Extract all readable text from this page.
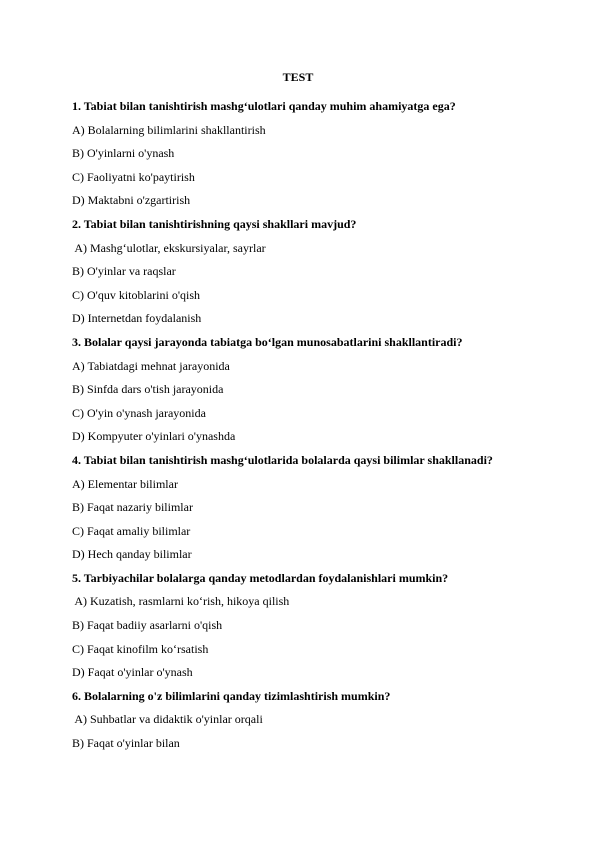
TEST

1. Tabiat bilan tanishtirish mashg‘ulotlari qanday muhim ahamiyatga ega?

A) Bolalarning bilimlarini shakllantirish

B) O'yinlarni o'ynash

C) Faoliyatni ko'paytirish

D) Maktabni o'zgartirish

2. Tabiat bilan tanishtirishning qaysi shakllari mavjud?

A) Mashg‘ulotlar, ekskursiyalar, sayrlar

B) O'yinlar va raqslar

C) O'quv kitoblarini o'qish

D) Internetdan foydalanish

3. Bolalar qaysi jarayonda tabiatga bo‘lgan munosabatlarini shakllantiradi?

A) Tabiatdagi mehnat jarayonida

B) Sinfda dars o'tish jarayonida

C) O'yin o'ynash jarayonida

D) Kompyuter o'yinlari o'ynashda

4. Tabiat bilan tanishtirish mashg‘ulotlarida bolalarda qaysi bilimlar shakllanadi?

A) Elementar bilimlar

B) Faqat nazariy bilimlar

C) Faqat amaliy bilimlar

D) Hech qanday bilimlar

5. Tarbiyachilar bolalarga qanday metodlardan foydalanishlari mumkin?

A) Kuzatish, rasmlarni ko‘rish, hikoya qilish

B) Faqat badiiy asarlarni o'qish

C) Faqat kinofilm ko‘rsatish

D) Faqat o'yinlar o'ynash

6. Bolalarning o'z bilimlarini qanday tizimlashtirish mumkin?

A) Suhbatlar va didaktik o'yinlar orqali

B) Faqat o'yinlar bilan
